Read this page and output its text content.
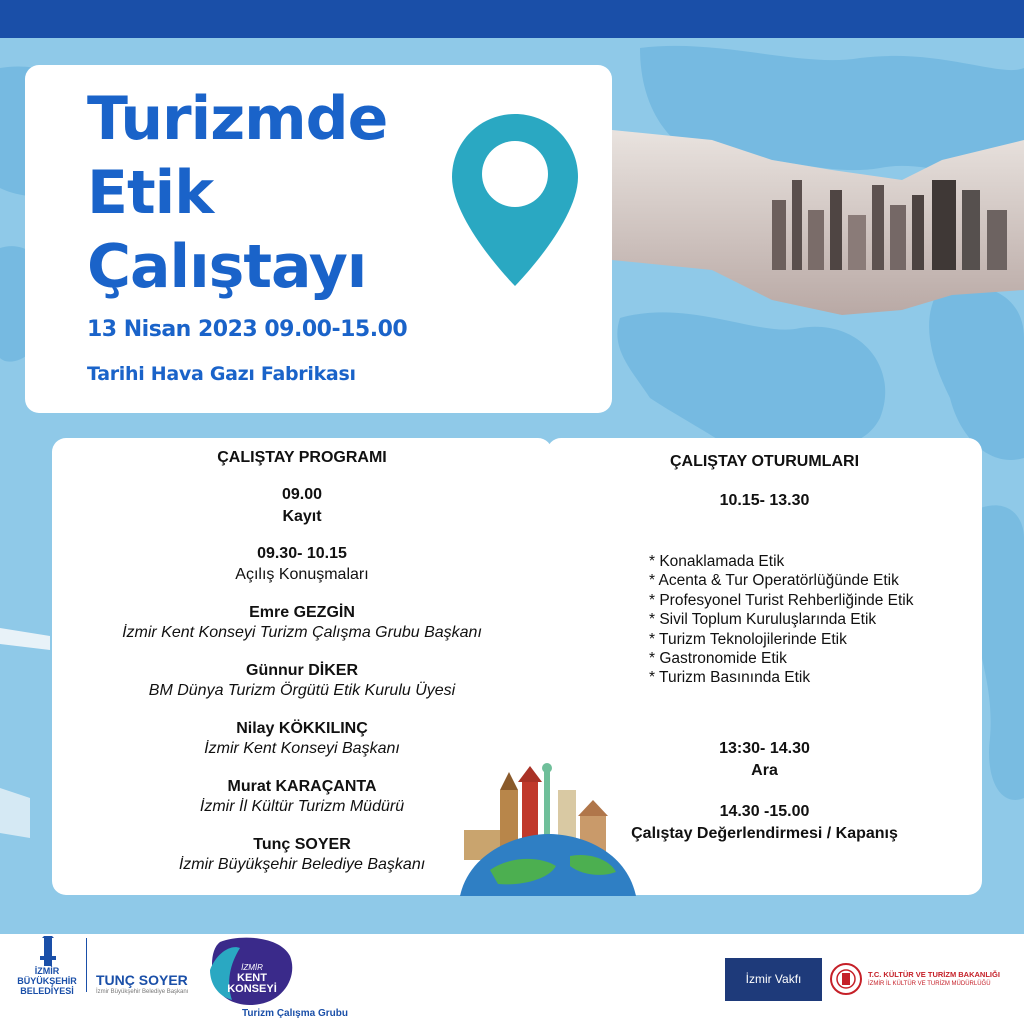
Turizmde
Etik
Çalıştayı
13 Nisan 2023 09.00-15.00
Tarihi Hava Gazı Fabrikası
ÇALIŞTAY PROGRAMI
09.00
Kayıt
09.30- 10.15
Açılış Konuşmaları
Emre GEZGİN
İzmir Kent Konseyi Turizm Çalışma Grubu Başkanı
Günnur DİKER
BM Dünya Turizm Örgütü Etik Kurulu Üyesi
Nilay KÖKKILINÇ
İzmir Kent Konseyi Başkanı
Murat KARAÇANTA
İzmir İl Kültür Turizm Müdürü
Tunç SOYER
İzmir Büyükşehir Belediye Başkanı
ÇALIŞTAY OTURUMLARI
10.15- 13.30
* Konaklamada Etik
* Acenta & Tur Operatörlüğünde Etik
* Profesyonel Turist Rehberliğinde Etik
* Sivil Toplum Kuruluşlarında Etik
* Turizm Teknolojilerinde Etik
* Gastronomide Etik
* Turizm Basınında Etik
13:30- 14.30
Ara
14.30 -15.00
Çalıştay Değerlendirmesi / Kapanış
İZMİR BÜYÜKŞEHİR BELEDİYESİ
TUNÇ SOYER
İzmir Büyükşehir Belediye Başkanı
İZMİR
KENT KONSEYİ
Turizm Çalışma Grubu
İzmir Vakfı	T.C. KÜLTÜR VE TURİZM BAKANLIĞI
İZMİR İL KÜLTÜR VE TURİZM MÜDÜRLÜĞÜ
